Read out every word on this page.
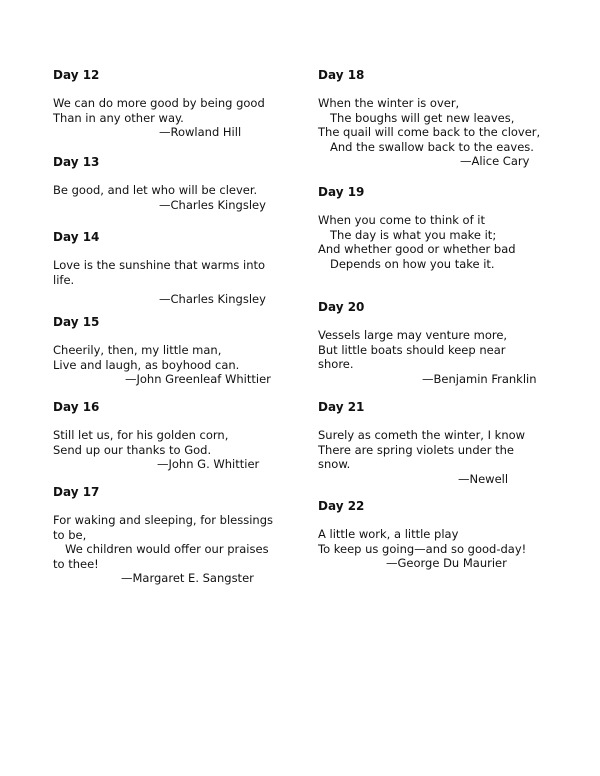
Day 12
We can do more good by being good
Than in any other way.
—Rowland Hill
Day 13
Be good, and let who will be clever.
—Charles Kingsley
Day 14
Love is the sunshine that warms into
life.
—Charles Kingsley
Day 15
Cheerily, then, my little man,
Live and laugh, as boyhood can.
—John Greenleaf Whittier
Day 16
Still let us, for his golden corn,
Send up our thanks to God.
—John G. Whittier
Day 17
For waking and sleeping, for blessings
to be,
We children would offer our praises
to thee!
—Margaret E. Sangster
Day 18
When the winter is over,
The boughs will get new leaves,
The quail will come back to the clover,
And the swallow back to the eaves.
—Alice Cary
Day 19
When you come to think of it
The day is what you make it;
And whether good or whether bad
Depends on how you take it.
Day 20
Vessels large may venture more,
But little boats should keep near
shore.
—Benjamin Franklin
Day 21
Surely as cometh the winter, I know
There are spring violets under the
snow.
—Newell
Day 22
A little work, a little play
To keep us going—and so good-day!
—George Du Maurier
